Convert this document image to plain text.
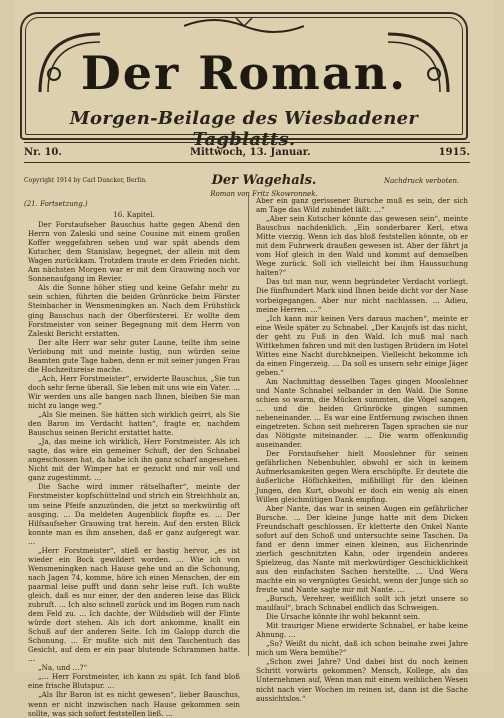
Der Roman.
Morgen-Beilage des Wiesbadener Tagblatts.
Nr. 10.	Mittwoch, 13. Januar.	1915.
Copyright 1914 by Carl Duncker, Berlin.	Der Wagehals.
Roman von Fritz Skowronnek.
Nachdruck verboten.
(21. Fortsetzung.)

16. Kapitel.

Der Forstaufseher Bauschus hatte gegen Abend den Herrn von Zaleski und seine Cousine mit einem großen Koffer weggefahren sehen und war spät abends dem Kutscher, dem Stanislaw, begegnet, der allein mit dem Wagen zurückkam. Trotzdem traute er dem Frieden nicht. Am nächsten Morgen war er mit dem Grauwing noch vor Sonnenaufgang im Revier.

Als die Sonne höher stieg und keine Gefahr mehr zu sein schien, führten die beiden Grünröcke beim Förster Steinbacher in Wensmeningken an. Nach dem Frühstück ging Bauschus nach der Oberförsterei. Er wollte dem Forstmeister von seiner Begegnung mit dem Herrn von Zaleski Bericht erstatten.

Der alte Herr war sehr guter Laune, teilte ihm seine Verlobung mit und meinte lustig, nun würden seine Beamten gute Tage haben, denn er mit seiner jungen Frau die Hochzeitsreise mache.

„Ach, Herr Forstmeister“, erwiderte Bauschus, „Sie tun doch sehr ferne überall. Sie leben mit uns wie ein Vater. … Wir werden uns alle bangen nach Ihnen, bleiben Sie man nicht zu lange weg.“

„Als Sie meinen. Sie hätten sich wirklich geirrt, als Sie den Baron im Verdacht hatten“, fragte er, nachdem Bauschus seinen Bericht erstattet hatte.

„Ja, das meine ich wirklich, Herr Forstmeister. Als ich sagte, das wäre ein gemeiner Schuft, der den Schnabel angeschossen hat, da habe ich ihn ganz scharf angesehen. Nicht mit der Wimper hat er gezuckt und mir voll und ganz zugestimmt. …

Die Sache wird immer rätselhafter“, meinte der Forstmeister kopfschüttelnd und strich ein Streichholz an, um seine Pfeife anzuzünden, die jetzt so merkwürdig oft ausging. … Da meldeten Augenblick flopfte es. … Der Hilfsaufseher Grauwing trat herein. Auf den ersten Blick konnte man es ihm ansehen, daß er ganz aufgeregt war. …

„Herr Forstmeister“, stieß er hastig hervor, „es ist wieder ein Bock gewildert worden. … Wie ich von Wensmeningken nach Hause gehe und an die Schonung, nach Jagen 74, komme, höre ich einen Menschen, der ein paarmal leise pufft und dann sehr leise ruft. Ich wußte gleich, daß es nur einer, der den anderen leise das Blick zubruft. … Ich also schnell zurück und im Bogen rum nach dem Feld zu. … Ich dachte, der Wildsdieb will der Flinte würde dort stehen. Als ich dort ankomme, knallt ein Schuß auf der anderen Seite. Ich im Galopp durch die Schonung. … Er mußte sich mit den Taschentuch das Gesicht, auf dem er ein paar blutende Schrammen hatte. …

„Na, und …?“

„… Herr Forstmeister, ich kann zu spät. Ich fand bloß eine frische Blutspur. …

„Als Ihr Baron ist es nicht gewesen“, lieber Bauschus, wenn er nicht inzwischen nach Hause gekommen sein sollte, was sich sofort feststellen ließ. …

Aber ein ganz gerissener Bursche muß es sein, der sich am Tage das Wild zubindet läßt. …“

„Aber sein Kutscher könnte das gewesen sein“, meinte Bauschus nachdenklich. „Ein sonderbarer Kerl, etwa Mitte vierzig. Wenn ich das bloß feststellen könnte, ob er mit dem Fuhrwerk draußen gewesen ist. Aber der fährt ja vom Hof gleich in den Wald und kommt auf demselben Wege zurück. Soll ich vielleicht bei ihm Haussuchung halten?“

Das tut man nur, wenn begründeter Verdacht vorliegt. Die fünfhundert Mark sind Ihnen beide dicht vor der Nase vorbeigegangen. Aber nur nicht nachlassen. … Adieu, meine Herren. …“

„Ich kann mir keinen Vers daraus machen“, meinte er eine Weile später zu Schnabel. „Der Kaujofs ist das nicht, der geht zu Fuß in den Wald. Ich muß mal nach Wittkehmen fahren und mit den lustigen Brüdern im Hotel Wittes eine Nacht durchkneipen. Vielleicht bekomme ich da einen Fingerzeig. … Da soll es unsern sehr einige Jäger geben.“

Am Nachmittag desselben Tages gingen Mooslehner und Nante Schnabel selbander in den Wald. Die Sonne schien so warm, die Mücken summten, die Vögel sangen, … und die beiden Grünröcke gingen summen nebeneinander. … Es war eine Entfernung zwischen ihnen eingetreten. Schon seit mehreren Tagen sprachen sie nur das Nötigste miteinander. … Die warm offenkundig auseinander.

Der Forstaufseher hielt Mooslehner für seinen gefährlichen Nebenbuhler, obwohl er sich in keinem Aufmerksamkeiten gegen Wera erschöpfte. Er deutete die äußerliche Höflichkeiten, mißbilligt für den kleinen Jungen, den Kurt, obwohl er doch ein wenig als einen Willen gleichmütigen Dank empfing.

Aber Nante, das war in seinen Augen ein gefährlicher Bursche. … Der kleine Junge hatte mit dem Dicken Freundschaft geschlossen. Er kletterte den Onkel Nante sofort auf den Schoß und untersuchte seine Taschen. Da fand er denn immer einen kleinen, aus Eichenrinde zierlich geschnitzten Kahn, oder irgendein anderes Spielzeug, das Nante mit merkwürdiger Geschicklichkeit aus den einfachsten Sachen herstellte. … Und Wera machte ein so vergnügtes Gesicht, wenn der Junge sich so freute und Nante sagte mir mit Nante. …

„Bursch, Verehrer, weißlich sollt ich jetzt unsere so maulfaul“, brach Schnabel endlich das Schweigen.

Die Ursache könnte ihr wohl bekannt sein.

Mit trauriger Miene erwiderte Schnabel, er habe keine Ahnung. …

„So? Weißt du nicht, daß ich schon beinahe zwei Jahre mich um Wera bemühe?“

„Schon zwei Jahre? Und dabei bist du noch keinen Schritt vorwärts gekommen? Mensch, Kollege, als das Unternehmen auf, Wenn man mit einem weiblichen Wesen nicht nach vier Wochen im reinen ist, dann ist die Sache aussichtslos.“
